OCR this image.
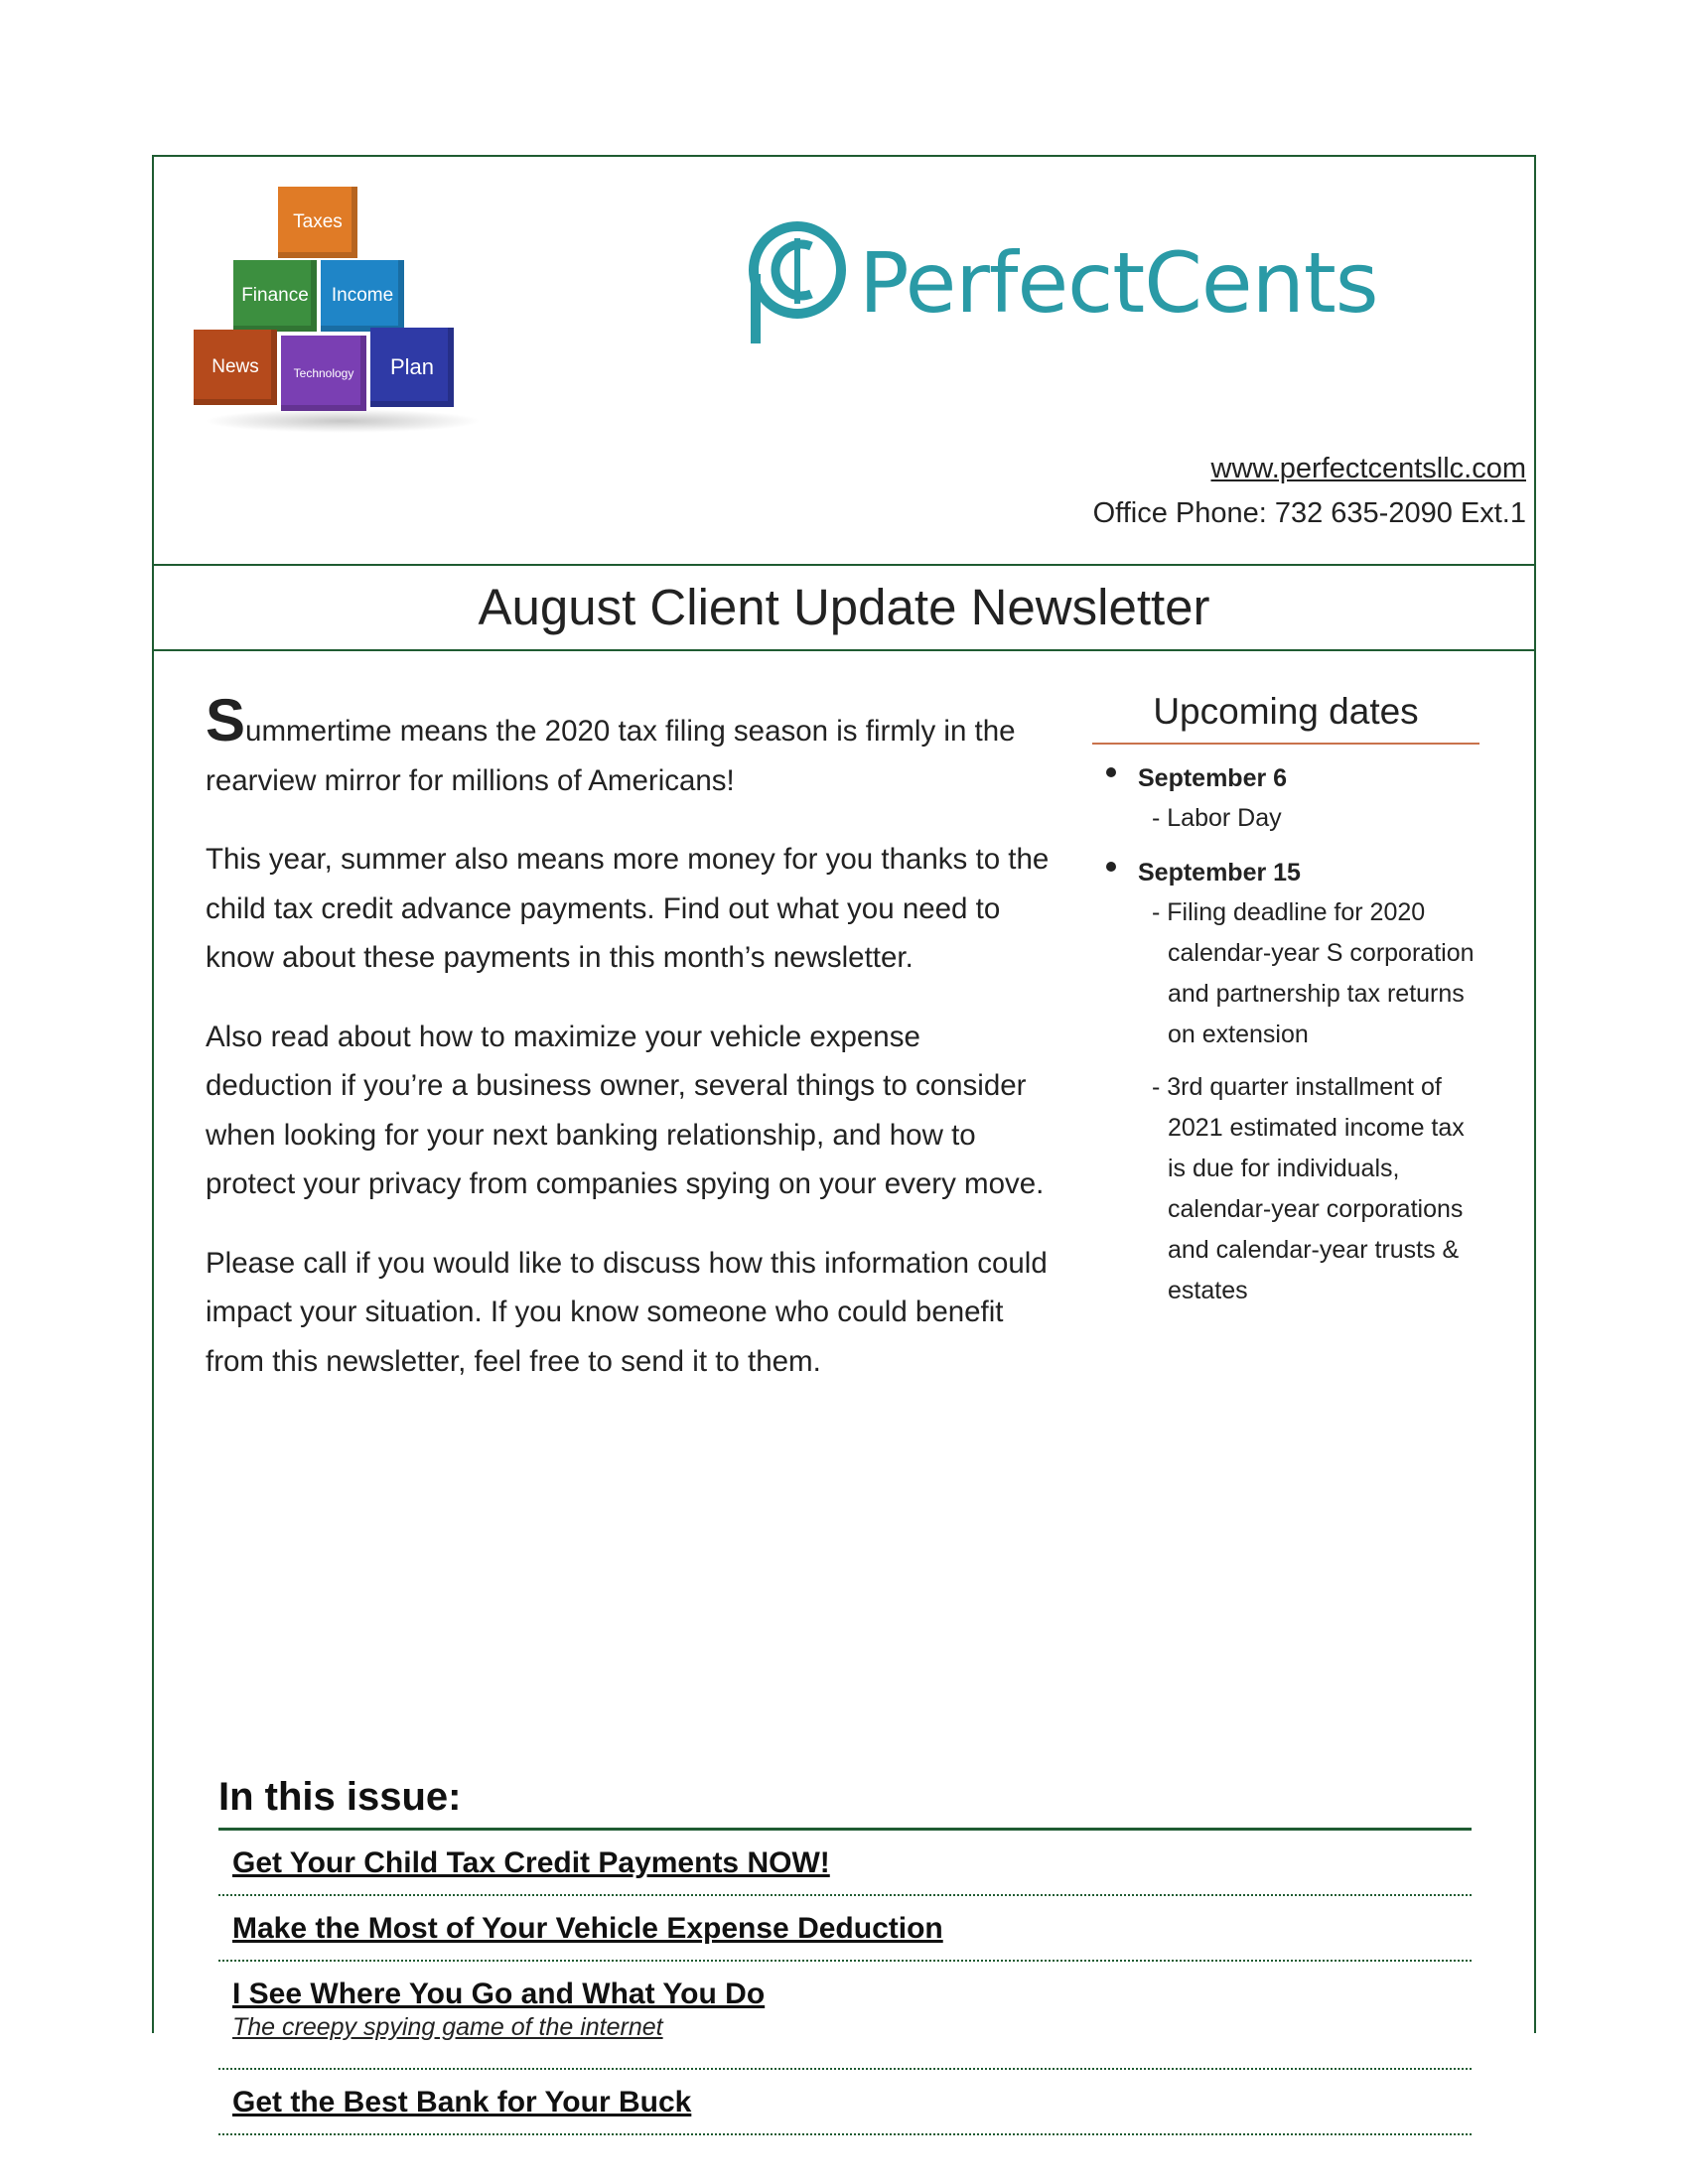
Taxes
Finance Income
News	Technology Plan
PerfectCents
www.perfectcentsllc.com
Office Phone: 732 635-2090 Ext.1
August Client Update Newsletter

Summertime means the 2020 tax filing season is firmly in the rearview mirror for millions of Americans!

This year, summer also means more money for you thanks to the child tax credit advance payments. Find out what you need to know about these payments in this month’s newsletter.

Also read about how to maximize your vehicle expense deduction if you’re a business owner, several things to consider when looking for your next banking relationship, and how to protect your privacy from companies spying on your every move.

Please call if you would like to discuss how this information could impact your situation. If you know someone who could benefit from this newsletter, feel free to send it to them.

Upcoming dates
September 6
- Labor Day
September 15
- Filing deadline for 2020 calendar-year S corporation and partnership tax returns on extension
- 3rd quarter installment of 2021 estimated income tax is due for individuals, calendar-year corporations and calendar-year trusts & estates
In this issue:
Get Your Child Tax Credit Payments NOW!
Make the Most of Your Vehicle Expense Deduction
I See Where You Go and What You Do
The creepy spying game of the internet
Get the Best Bank for Your Buck
